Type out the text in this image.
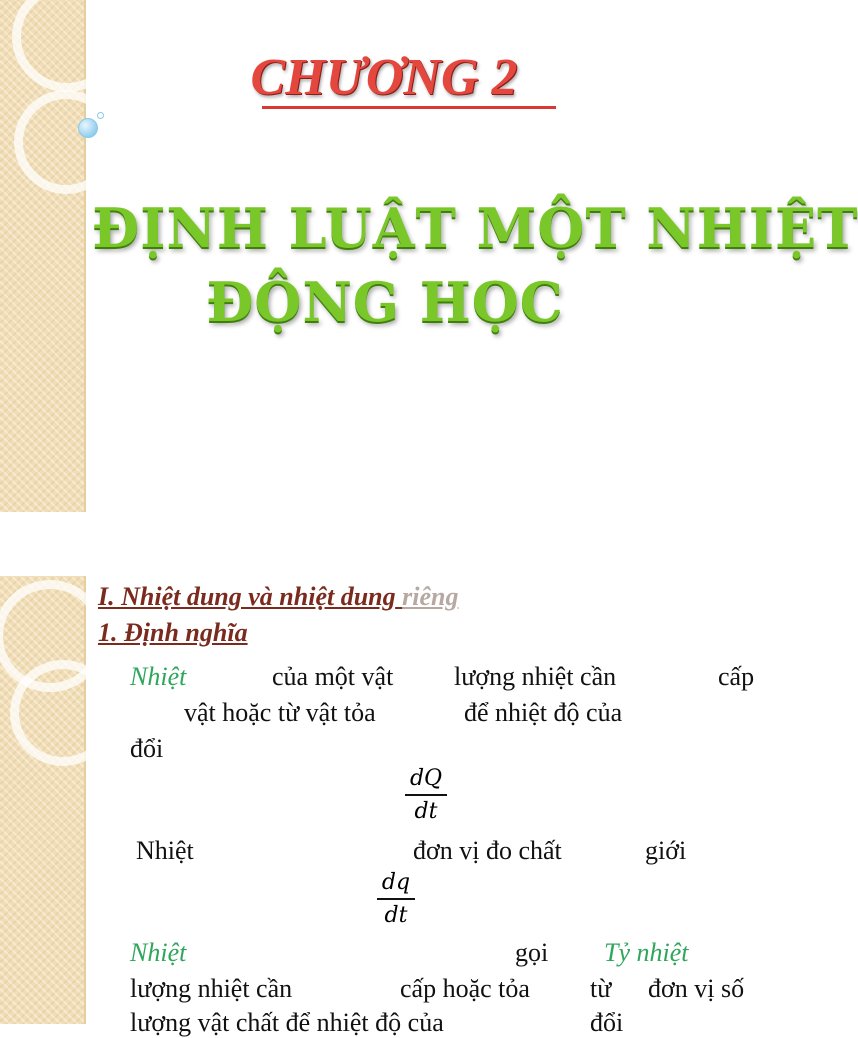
CHƯƠNG 2
ĐỊNH LUẬT MỘT NHIỆT
ĐỘNG HỌC
I. Nhiệt dung và nhiệt dung riêng
1. Định nghĩa
Nhiệt	của một vật lượng nhiệt cần	cấp
vật hoặc từ vật tỏa	để nhiệt độ của
đổi
dQ
dt
Nhiệt	đơn vị đo chất	giới
dq
dt
Nhiệt	gọi Tỷ nhiệt
lượng nhiệt cần	cấp hoặc tỏa từ đơn vị số
lượng vật chất để nhiệt độ của	đổi
